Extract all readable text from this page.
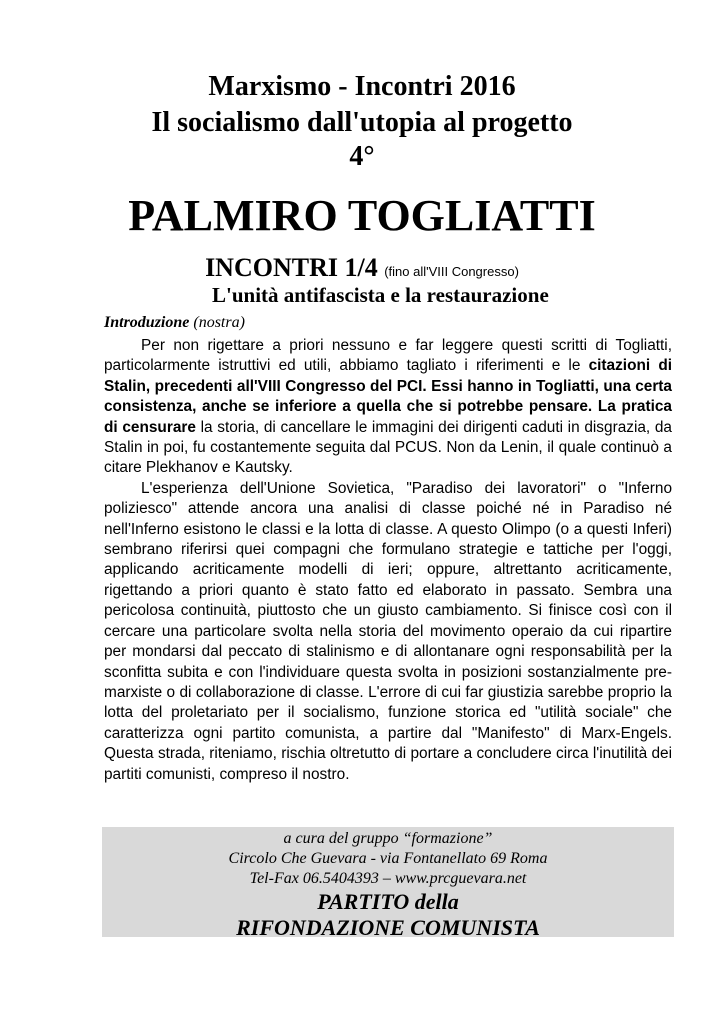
Marxismo - Incontri 2016
Il socialismo dall'utopia al progetto
4°
PALMIRO TOGLIATTI
INCONTRI 1/4 (fino all'VIII Congresso)
L'unità antifascista e la restaurazione
Introduzione (nostra)

Per non rigettare a priori nessuno e far leggere questi scritti di Togliatti, particolarmente istruttivi ed utili, abbiamo tagliato i riferimenti e le citazioni di Stalin, precedenti all'VIII Congresso del PCI. Essi hanno in Togliatti, una certa consistenza, anche se inferiore a quella che si potrebbe pensare. La pratica di censurare la storia, di cancellare le immagini dei dirigenti caduti in disgrazia, da Stalin in poi, fu costantemente seguita dal PCUS. Non da Lenin, il quale continuò a citare Plekhanov e Kautsky.

L'esperienza dell'Unione Sovietica, "Paradiso dei lavoratori" o "Inferno poliziesco" attende ancora una analisi di classe poiché né in Paradiso né nell'Inferno esistono le classi e la lotta di classe. A questo Olimpo (o a questi Inferi) sembrano riferirsi quei compagni che formulano strategie e tattiche per l'oggi, applicando acriticamente modelli di ieri; oppure, altrettanto acriticamente, rigettando a priori quanto è stato fatto ed elaborato in passato. Sembra una pericolosa continuità, piuttosto che un giusto cambiamento. Si finisce così con il cercare una particolare svolta nella storia del movimento operaio da cui ripartire per mondarsi dal peccato di stalinismo e di allontanare ogni responsabilità per la sconfitta subita e con l'individuare questa svolta in posizioni sostanzialmente pre-marxiste o di collaborazione di classe. L'errore di cui far giustizia sarebbe proprio la lotta del proletariato per il socialismo, funzione storica ed "utilità sociale" che caratterizza ogni partito comunista, a partire dal "Manifesto" di Marx-Engels. Questa strada, riteniamo, rischia oltretutto di portare a concludere circa l'inutilità dei partiti comunisti, compreso il nostro.

a cura del gruppo “formazione”
Circolo Che Guevara - via Fontanellato 69 Roma
Tel-Fax 06.5404393 – www.prcguevara.net
PARTITO della
RIFONDAZIONE COMUNISTA
